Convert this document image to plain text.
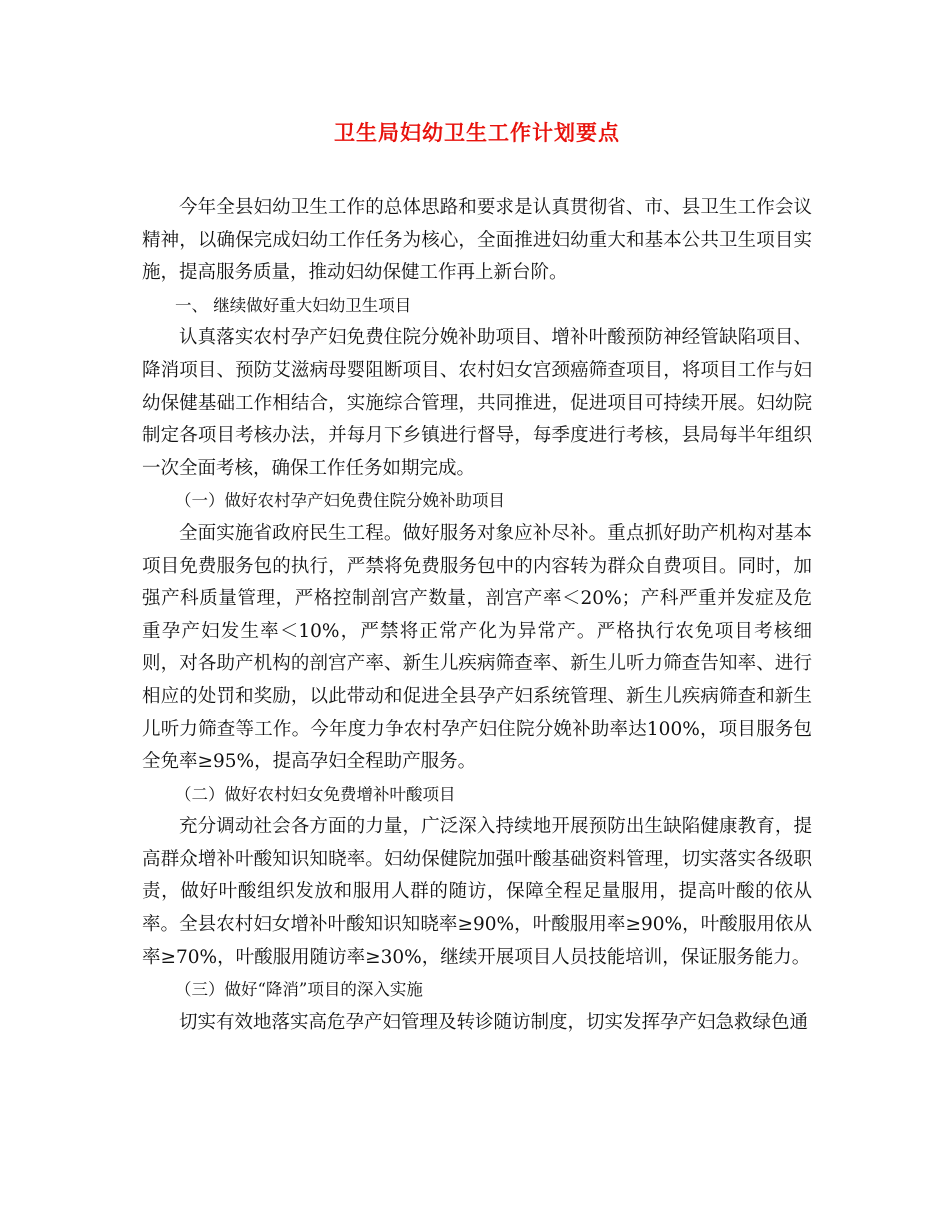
卫生局妇幼卫生工作计划要点

今年全县妇幼卫生工作的总体思路和要求是认真贯彻省、市、县卫生工作会议精神，以确保完成妇幼工作任务为核心，全面推进妇幼重大和基本公共卫生项目实施，提高服务质量，推动妇幼保健工作再上新台阶。

一、 继续做好重大妇幼卫生项目

认真落实农村孕产妇免费住院分娩补助项目、增补叶酸预防神经管缺陷项目、降消项目、预防艾滋病母婴阻断项目、农村妇女宫颈癌筛查项目，将项目工作与妇幼保健基础工作相结合，实施综合管理，共同推进，促进项目可持续开展。妇幼院制定各项目考核办法，并每月下乡镇进行督导，每季度进行考核，县局每半年组织一次全面考核，确保工作任务如期完成。

（一）做好农村孕产妇免费住院分娩补助项目

全面实施省政府民生工程。做好服务对象应补尽补。重点抓好助产机构对基本项目免费服务包的执行，严禁将免费服务包中的内容转为群众自费项目。同时，加强产科质量管理，严格控制剖宫产数量，剖宫产率＜20%；产科严重并发症及危重孕产妇发生率＜10%，严禁将正常产化为异常产。严格执行农免项目考核细则，对各助产机构的剖宫产率、新生儿疾病筛查率、新生儿听力筛查告知率、进行相应的处罚和奖励，以此带动和促进全县孕产妇系统管理、新生儿疾病筛查和新生儿听力筛查等工作。今年度力争农村孕产妇住院分娩补助率达100%，项目服务包全免率≥95%，提高孕妇全程助产服务。

（二）做好农村妇女免费增补叶酸项目

充分调动社会各方面的力量，广泛深入持续地开展预防出生缺陷健康教育，提高群众增补叶酸知识知晓率。妇幼保健院加强叶酸基础资料管理，切实落实各级职责，做好叶酸组织发放和服用人群的随访，保障全程足量服用，提高叶酸的依从率。全县农村妇女增补叶酸知识知晓率≥90%，叶酸服用率≥90%，叶酸服用依从率≥70%，叶酸服用随访率≥30%，继续开展项目人员技能培训，保证服务能力。

（三）做好“降消”项目的深入实施

切实有效地落实高危孕产妇管理及转诊随访制度，切实发挥孕产妇急救绿色通
